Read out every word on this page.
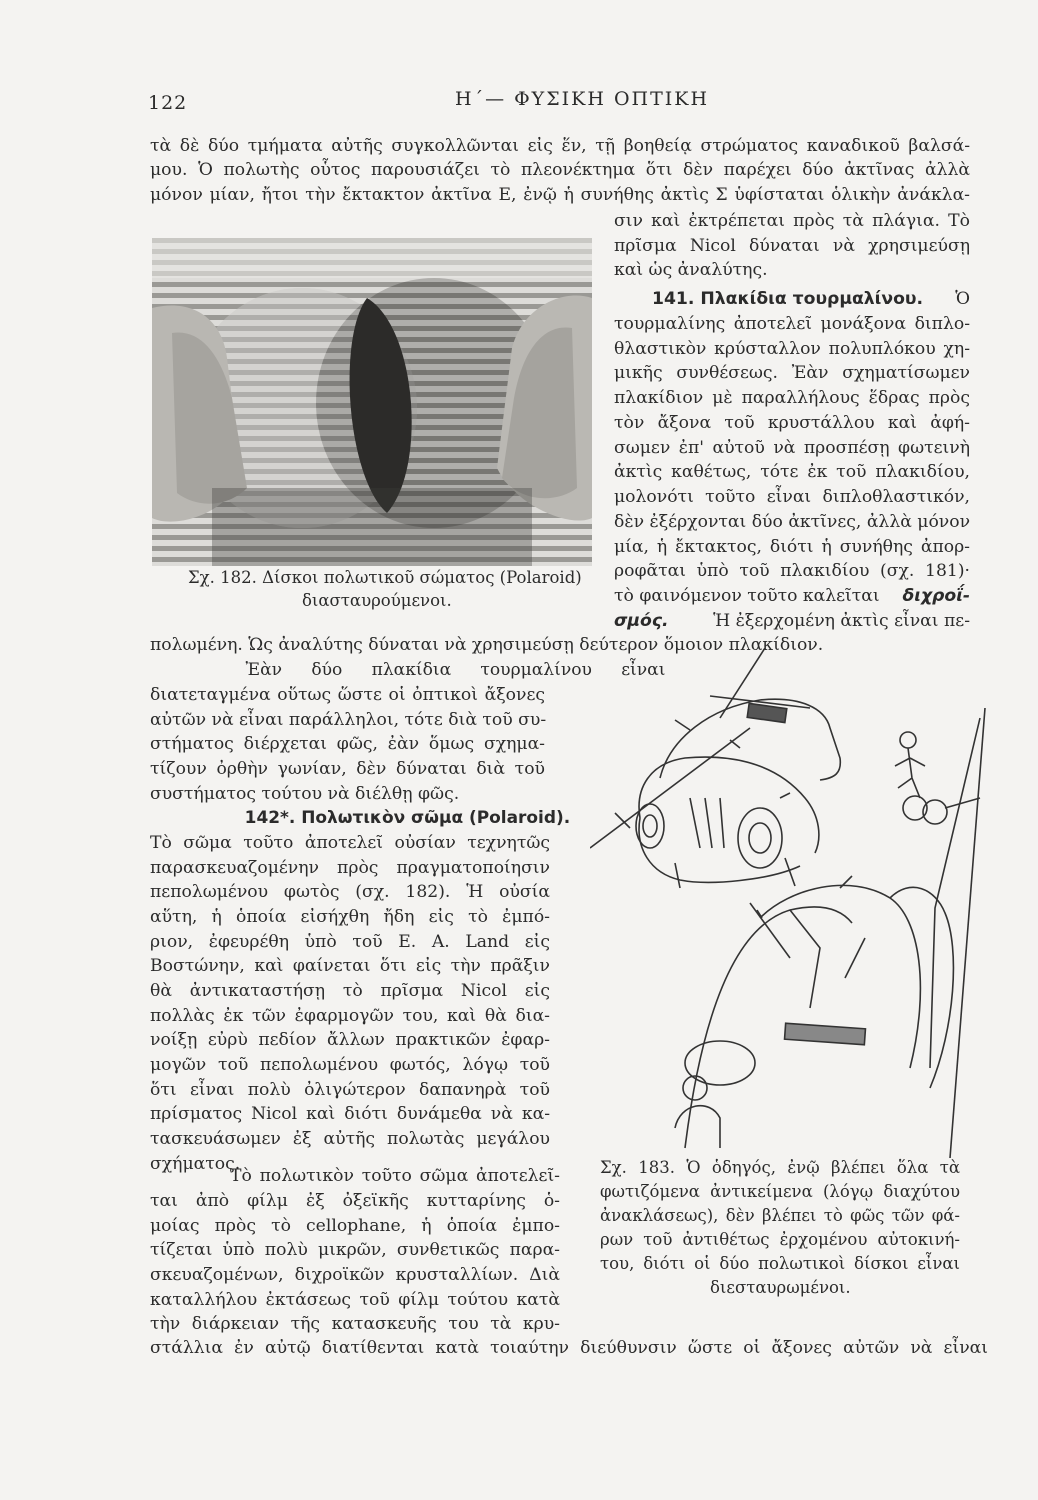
122	Η΄— ΦΥΣΙΚΗ ΟΠΤΙΚΗ
τὰ δὲ δύο τμήματα αὐτῆς συγκολλῶνται εἰς ἕν, τῇ βοηθείᾳ στρώματος καναδικοῦ βαλσά-
μου. Ὁ πολωτὴς οὗτος παρουσιάζει τὸ πλεονέκτημα ὅτι δὲν παρέχει δύο ἀκτῖνας ἀλλὰ
μόνον μίαν, ἤτοι τὴν ἔκτακτον ἀκτῖνα Ε, ἐνῷ ἡ συνήθης ἀκτὶς Σ ὑφίσταται ὁλικὴν ἀνάκλα-
σιν καὶ ἐκτρέπεται πρὸς τὰ πλάγια. Τὸ
πρῖσμα Nicol δύναται νὰ χρησιμεύσῃ
καὶ ὡς ἀναλύτης.
141. Πλακίδια τουρμαλίνου. Ὁ
τουρμαλίνης ἀποτελεῖ μονάξονα διπλο-
θλαστικὸν κρύσταλλον πολυπλόκου χη-
μικῆς συνθέσεως. Ἐὰν σχηματίσωμεν
πλακίδιον μὲ παραλλήλους ἕδρας πρὸς
τὸν ἄξονα τοῦ κρυστάλλου καὶ ἀφή-
σωμεν ἐπ' αὐτοῦ νὰ προσπέσῃ φωτεινὴ
ἀκτὶς καθέτως, τότε ἐκ τοῦ πλακιδίου,
μολονότι τοῦτο εἶναι διπλοθλαστικόν,
δὲν ἐξέρχονται δύο ἀκτῖνες, ἀλλὰ μόνον
μία, ἡ ἔκτακτος, διότι ἡ συνήθης ἀπορ-
ροφᾶται ὑπὸ τοῦ πλακιδίου (σχ. 181)·
τὸ φαινόμενον τοῦτο καλεῖται διχροΐ-
σμός.	Ἡ ἐξερχομένη ἀκτὶς εἶναι πε-
πολωμένη. Ὡς ἀναλύτης δύναται νὰ χρησιμεύσῃ δεύτερον ὅμοιον πλακίδιον.
Σχ. 182. Δίσκοι πολωτικοῦ σώματος (Polaroid)
διασταυρούμενοι.
Ἐὰν δύο πλακίδια τουρμαλίνου εἶναι
διατεταγμένα οὕτως ὥστε οἱ ὀπτικοὶ ἄξονες
αὐτῶν νὰ εἶναι παράλληλοι, τότε διὰ τοῦ συ-
στήματος διέρχεται φῶς, ἐὰν ὅμως σχημα-
τίζουν ὀρθὴν γωνίαν, δὲν δύναται διὰ τοῦ
συστήματος τούτου νὰ διέλθῃ φῶς.
142*. Πολωτικὸν σῶμα (Polaroid).
Τὸ σῶμα τοῦτο ἀποτελεῖ οὐσίαν τεχνητῶς
παρασκευαζομένην πρὸς πραγματοποίησιν
πεπολωμένου φωτὸς (σχ. 182). Ἡ οὐσία
αὕτη, ἡ ὁποία εἰσήχθη ἤδη εἰς τὸ ἐμπό-
ριον, ἐφευρέθη ὑπὸ τοῦ E. A. Land εἰς
Βοστώνην, καὶ φαίνεται ὅτι εἰς τὴν πρᾶξιν
θὰ ἀντικαταστήσῃ τὸ πρῖσμα Nicol εἰς
πολλὰς ἐκ τῶν ἐφαρμογῶν του, καὶ θὰ δια-
νοίξῃ εὐρὺ πεδίον ἄλλων πρακτικῶν ἐφαρ-
μογῶν τοῦ πεπολωμένου φωτός, λόγῳ τοῦ
ὅτι εἶναι πολὺ ὀλιγώτερον δαπανηρὰ τοῦ
πρίσματος Nicol καὶ διότι δυνάμεθα νὰ κα-
τασκευάσωμεν ἐξ αὐτῆς πολωτὰς μεγάλου
σχήματος.
Τὸ πολωτικὸν τοῦτο σῶμα ἀποτελεῖ-
ται ἀπὸ φίλμ ἐξ ὀξεϊκῆς κυτταρίνης ὁ-
μοίας πρὸς τὸ cellophane, ἡ ὁποία ἐμπο-
τίζεται ὑπὸ πολὺ μικρῶν, συνθετικῶς παρα-
σκευαζομένων, διχροϊκῶν κρυσταλλίων. Διὰ
καταλλήλου ἐκτάσεως τοῦ φίλμ τούτου κατὰ
τὴν διάρκειαν τῆς κατασκευῆς του τὰ κρυ-
στάλλια ἐν αὐτῷ διατίθενται κατὰ τοιαύτην διεύθυνσιν ὥστε οἱ ἄξονες αὐτῶν νὰ εἶναι
Σχ. 183. Ὁ ὁδηγός, ἐνῷ βλέπει ὅλα τὰ
φωτιζόμενα ἀντικείμενα (λόγῳ διαχύτου
ἀνακλάσεως), δὲν βλέπει τὸ φῶς τῶν φά-
ρων τοῦ ἀντιθέτως ἐρχομένου αὐτοκινή-
του, διότι οἱ δύο πολωτικοὶ δίσκοι εἶναι
διεσταυρωμένοι.
